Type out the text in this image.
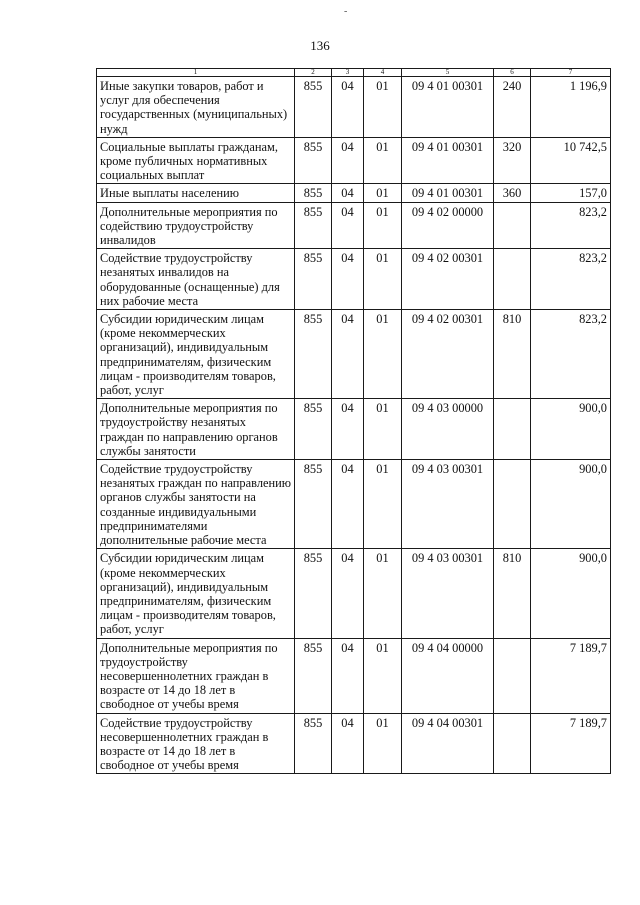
-
136
1	2	3	4	5	6	7
Иные закупки товаров, работ и услуг для обеспечения государственных (муниципальных) нужд	855	04	01	09 4 01 00301	240	1 196,9
Социальные выплаты гражданам, кроме публичных нормативных социальных выплат	855	04	01	09 4 01 00301	320	10 742,5
Иные выплаты населению	855	04	01	09 4 01 00301	360	157,0
Дополнительные мероприятия по содействию трудоустройству инвалидов	855	04	01	09 4 02 00000		823,2
Содействие трудоустройству незанятых инвалидов на оборудованные (оснащенные) для них рабочие места	855	04	01	09 4 02 00301		823,2
Субсидии юридическим лицам (кроме некоммерческих организаций), индивидуальным предпринимателям, физическим лицам - производителям товаров, работ, услуг	855	04	01	09 4 02 00301	810	823,2
Дополнительные мероприятия по трудоустройству незанятых граждан по направлению органов службы занятости	855	04	01	09 4 03 00000		900,0
Содействие трудоустройству незанятых граждан по направлению органов службы занятости на созданные индивидуальными предпринимателями дополнительные рабочие места	855	04	01	09 4 03 00301		900,0
Субсидии юридическим лицам (кроме некоммерческих организаций), индивидуальным предпринимателям, физическим лицам - производителям товаров, работ, услуг	855	04	01	09 4 03 00301	810	900,0
Дополнительные мероприятия по трудоустройству несовершеннолетних граждан в возрасте от 14 до 18 лет в свободное от учебы время	855	04	01	09 4 04 00000		7 189,7
Содействие трудоустройству несовершеннолетних граждан в возрасте от 14 до 18 лет в свободное от учебы время	855	04	01	09 4 04 00301		7 189,7
